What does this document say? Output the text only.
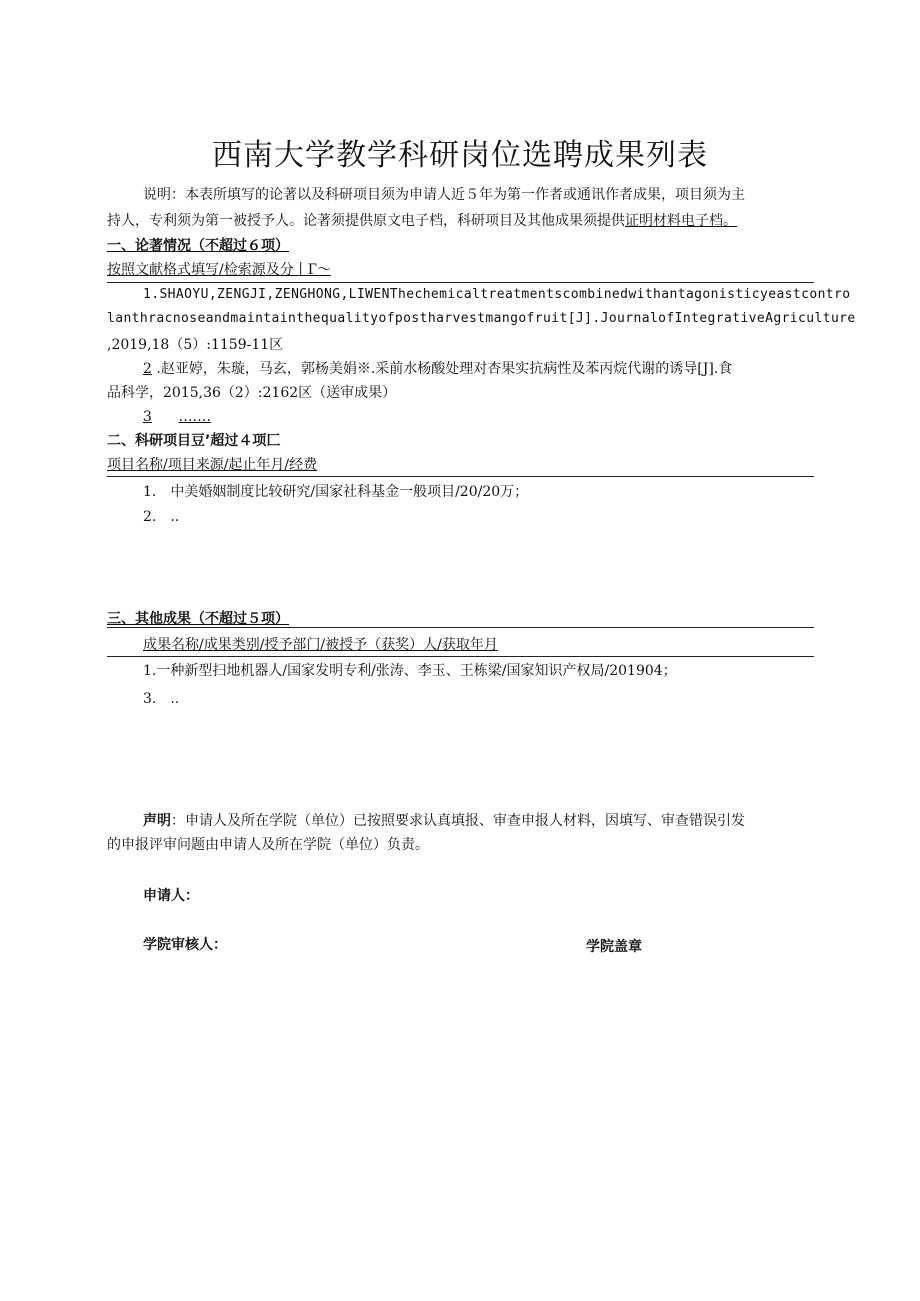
西南大学教学科研岗位选聘成果列表
说明：本表所填写的论著以及科研项目须为申请人近５年为第一作者或通讯作者成果，项目须为主
持人，专利须为第一被授予人。论著须提供原文电子档，科研项目及其他成果须提供证明材料电子档。
一、论著情况（不超过６项）
按照文献格式填写/检索源及分丨Г～
1.SHAOYU,ZENGJI,ZENGHONG,LIWENThechemicaltreatmentscombinedwithantagonisticyeastcontro
lanthracnoseandmaintainthequalityofpostharvestmangofruit[J].JournalofIntegrativeAgriculture
,2019,18（5）:1159-11区
2 .赵亚婷，朱璇，马玄，郭杨美娟※.采前水杨酸处理对杏果实抗病性及苯丙烷代谢的诱导[J].食
品科学，2015,36（2）:2162区（送审成果）
3 .……
二、科研项目豆’超过４项匚
项目名称/项目来源/起止年月/经费
1.　中美婚姻制度比较研究/国家社科基金一般项目/20/20万；
2.　..
三、其他成果（不超过５项）
成果名称/成果类别/授予部门/被授予（获奖）人/获取年月
1.一种新型扫地机器人/国家发明专利/张涛、李玉、王栋梁/国家知识产权局/201904；
3.　..
声明：申请人及所在学院（单位）已按照要求认真填报、审查申报人材料，因填写、审查错误引发
的申报评审问题由申请人及所在学院（单位）负责。
申请人：
学院审核人：	学院盖章
